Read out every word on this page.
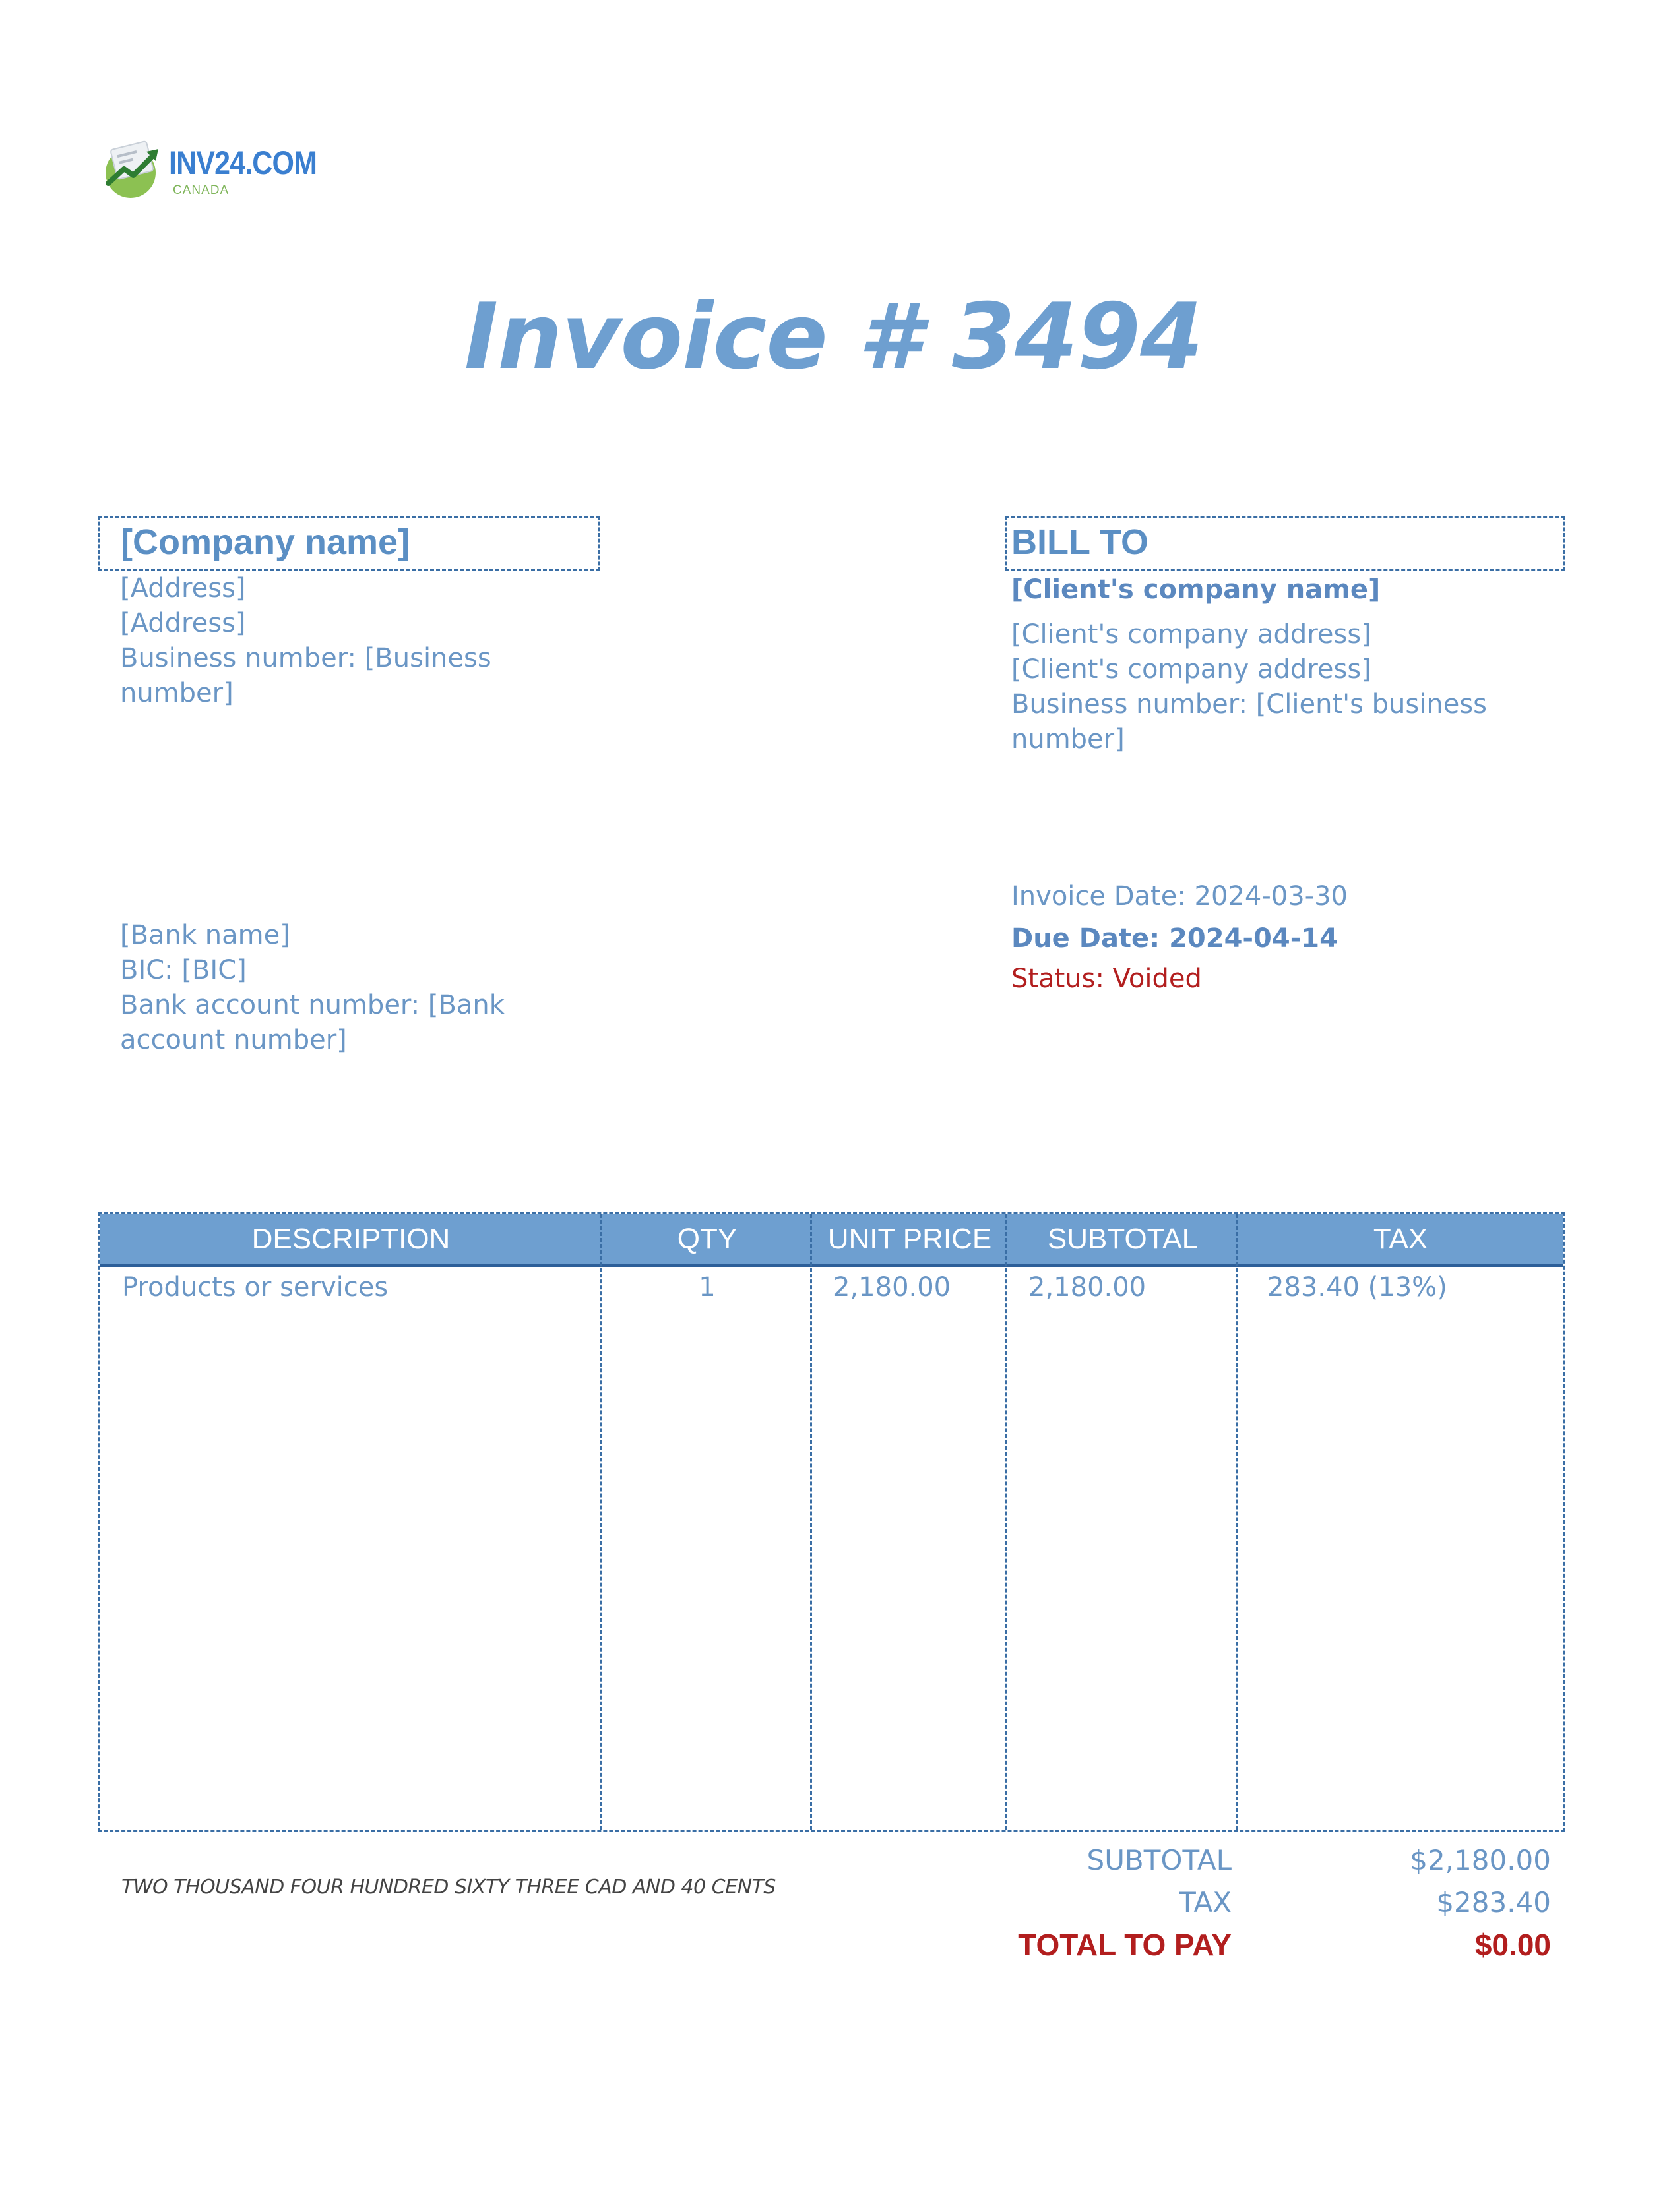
INV24.COM
CANADA
Invoice # 3494
[Company name]
[Address]
[Address]
Business number: [Business
number]
BILL TO
[Client's company name]
[Client's company address]
[Client's company address]
Business number: [Client's business
number]
[Bank name]
BIC: [BIC]
Bank account number: [Bank
account number]
Invoice Date: 2024-03-30
Due Date: 2024-04-14
Status: Voided
DESCRIPTION	QTY	UNIT PRICE	SUBTOTAL	TAX
Products or services	1	2,180.00	2,180.00	283.40 (13%)
TWO THOUSAND FOUR HUNDRED SIXTY THREE CAD AND 40 CENTS
SUBTOTAL	$2,180.00
TAX	$283.40
TOTAL TO PAY	$0.00
